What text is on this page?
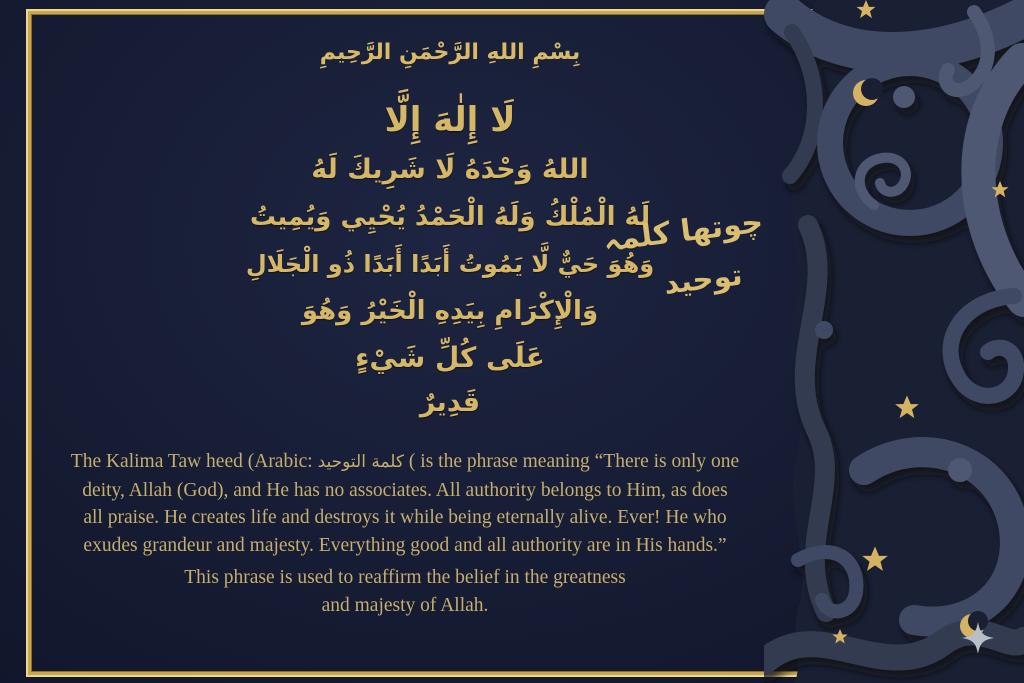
بِسْمِ اللهِ الرَّحْمَنِ الرَّحِيمِ
لَا إِلٰهَ إِلَّا
اللهُ وَحْدَهُ لَا شَرِيكَ لَهُ
لَهُ الْمُلْكُ وَلَهُ الْحَمْدُ يُحْيِي وَيُمِيتُ
وَهُوَ حَيٌّ لَّا يَمُوتُ أَبَدًا أَبَدًا ذُو الْجَلَالِ
وَالْإِكْرَامِ بِيَدِهِ الْخَيْرُ وَهُوَ
عَلَى كُلِّ شَيْءٍ
قَدِيرٌ
چوتھا کلمہ
توحید
The Kalima Taw heed (Arabic: كلمة التوحيد ( is the phrase meaning “There is only one
deity, Allah (God), and He has no associates. All authority belongs to Him, as does
all praise. He creates life and destroys it while being eternally alive. Ever! He who
exudes grandeur and majesty. Everything good and all authority are in His hands.”
This phrase is used to reaffirm the belief in the greatness
and majesty of Allah.
